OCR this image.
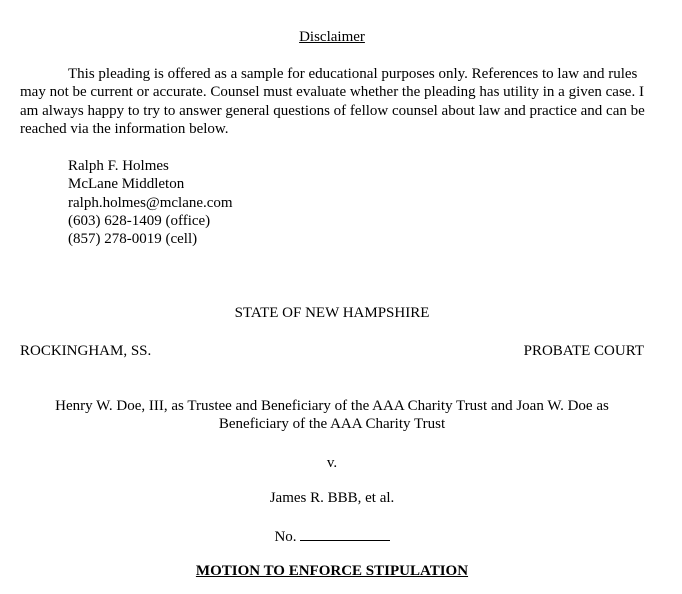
Disclaimer

This pleading is offered as a sample for educational purposes only. References to law and rules may not be current or accurate. Counsel must evaluate whether the pleading has utility in a given case. I am always happy to try to answer general questions of fellow counsel about law and practice and can be reached via the information below.

Ralph F. Holmes
McLane Middleton
ralph.holmes@mclane.com
(603) 628-1409 (office)
(857) 278-0019 (cell)
STATE OF NEW HAMPSHIRE
ROCKINGHAM, SS.	PROBATE COURT
Henry W. Doe, III, as Trustee and Beneficiary of the AAA Charity Trust and Joan W. Doe as Beneficiary of the AAA Charity Trust
v.
James R. BBB, et al.
No.
MOTION TO ENFORCE STIPULATION
